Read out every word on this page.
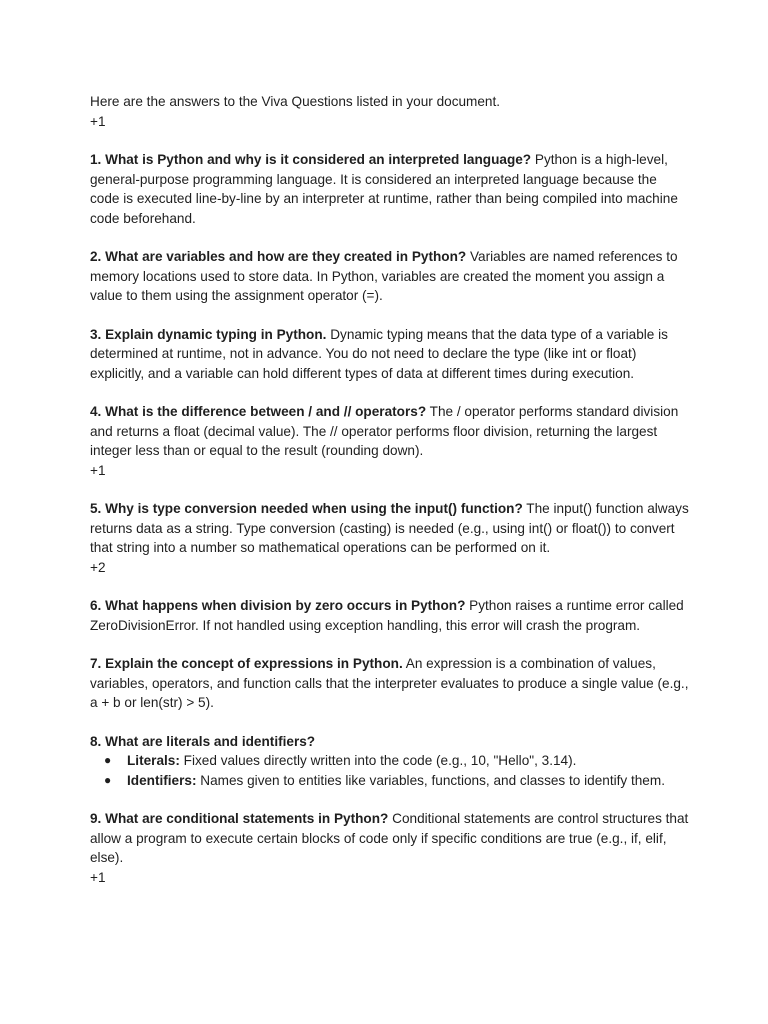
Here are the answers to the Viva Questions listed in your document.
+1

1. What is Python and why is it considered an interpreted language? Python is a high-level, general-purpose programming language. It is considered an interpreted language because the code is executed line-by-line by an interpreter at runtime, rather than being compiled into machine code beforehand.

2. What are variables and how are they created in Python? Variables are named references to memory locations used to store data. In Python, variables are created the moment you assign a value to them using the assignment operator (=).

3. Explain dynamic typing in Python. Dynamic typing means that the data type of a variable is determined at runtime, not in advance. You do not need to declare the type (like int or float) explicitly, and a variable can hold different types of data at different times during execution.

4. What is the difference between / and // operators? The / operator performs standard division and returns a float (decimal value). The // operator performs floor division, returning the largest integer less than or equal to the result (rounding down).
+1

5. Why is type conversion needed when using the input() function? The input() function always returns data as a string. Type conversion (casting) is needed (e.g., using int() or float()) to convert that string into a number so mathematical operations can be performed on it.
+2

6. What happens when division by zero occurs in Python? Python raises a runtime error called ZeroDivisionError. If not handled using exception handling, this error will crash the program.

7. Explain the concept of expressions in Python. An expression is a combination of values, variables, operators, and function calls that the interpreter evaluates to produce a single value (e.g., a + b or len(str) > 5).

8. What are literals and identifiers?

● Literals: Fixed values directly written into the code (e.g., 10, "Hello", 3.14).
● Identifiers: Names given to entities like variables, functions, and classes to identify them.

9. What are conditional statements in Python? Conditional statements are control structures that allow a program to execute certain blocks of code only if specific conditions are true (e.g., if, elif, else).
+1
